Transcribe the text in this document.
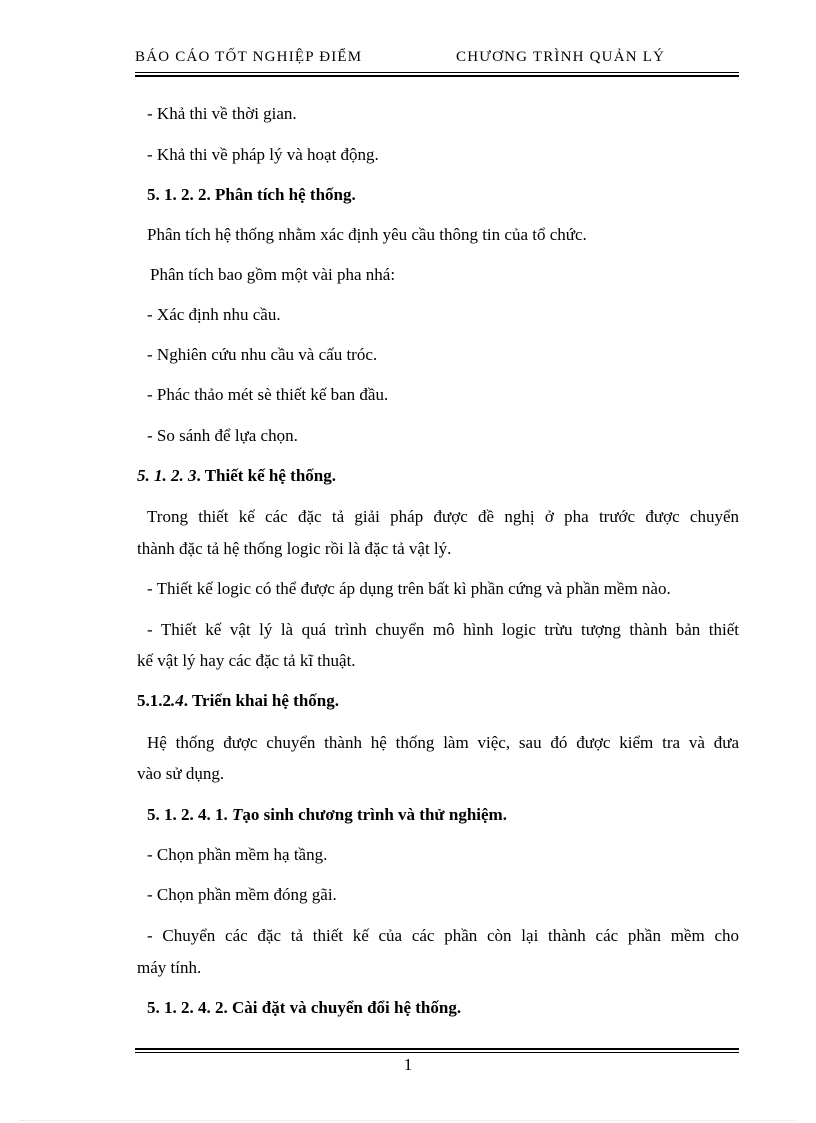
BÁO CÁO TỐT NGHIỆP ĐIỂM	CHƯƠNG TRÌNH QUẢN LÝ
- Khả thi về thời gian.
- Khả thi về pháp lý và hoạt động.
5. 1. 2. 2. Phân tích hệ thống.
Phân tích hệ thống nhằm xác định yêu cầu thông tin của tổ chức.
Phân tích bao gồm một vài pha nhá:
- Xác định nhu cầu.
- Nghiên cứu nhu cầu và cấu tróc.
- Phác thảo mét sè thiết kế ban đầu.
- So sánh để lựa chọn.
5. 1. 2. 3. Thiết kế hệ thống.
Trong thiết kế các đặc tả giải pháp được đề nghị ở pha trước được chuyển
thành đặc tả hệ thống logic rồi là đặc tả vật lý.
- Thiết kế logic có thể được áp dụng trên bất kì phần cứng và phần mềm nào.
- Thiết kế vật lý là quá trình chuyển mô hình logic trừu tượng thành bản thiết
kế vật lý hay các đặc tả kĩ thuật.
5.1.2.4. Triển khai hệ thống.
Hệ thống được chuyển thành hệ thống làm việc, sau đó được kiểm tra và đưa
vào sử dụng.
5. 1. 2. 4. 1. Tạo sinh chương trình và thử nghiệm.
- Chọn phần mềm hạ tầng.
- Chọn phần mềm đóng gãi.
- Chuyển các đặc tả thiết kế của các phần còn lại thành các phần mềm cho
máy tính.
5. 1. 2. 4. 2. Cài đặt và chuyển đổi hệ thống.
1
